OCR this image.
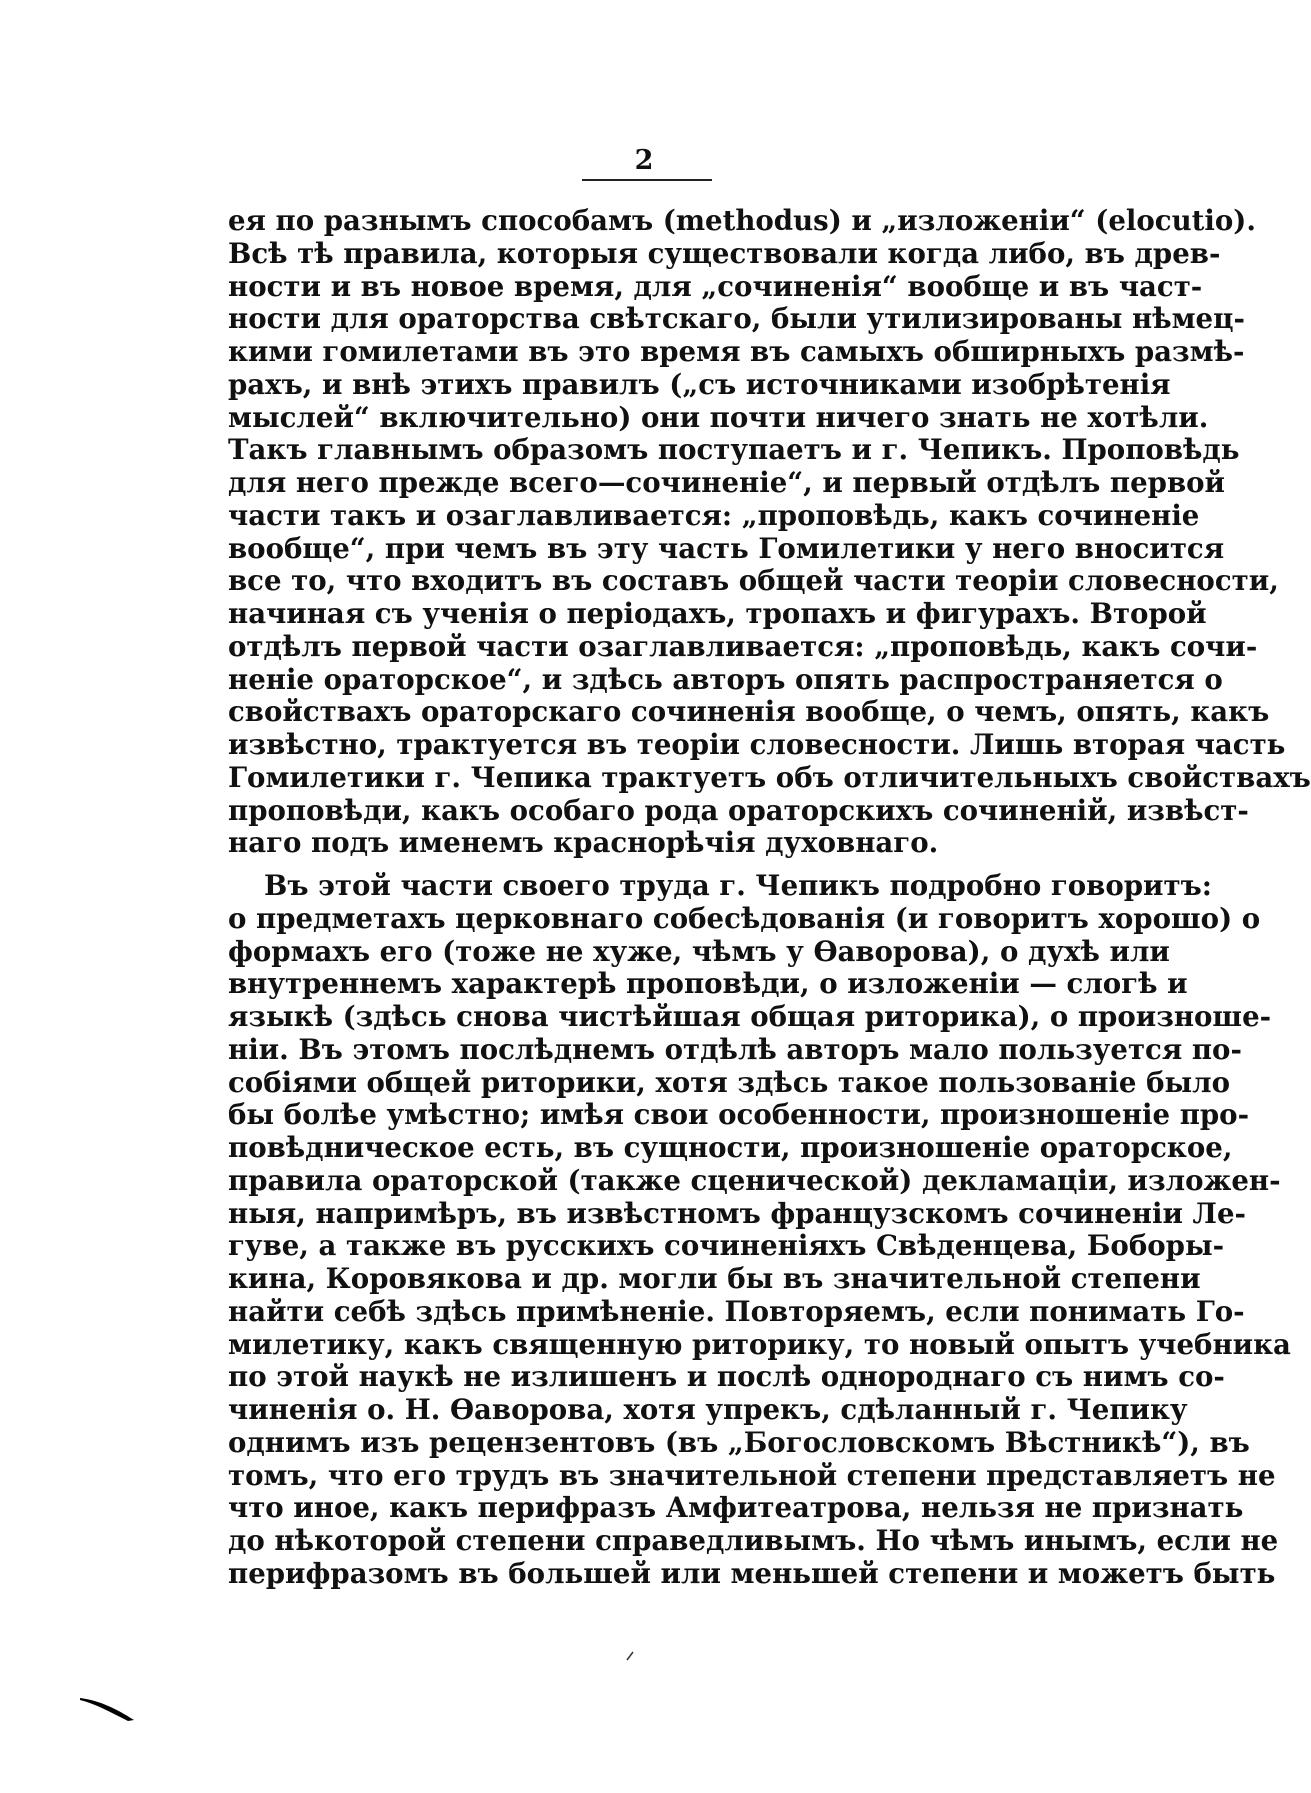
2
ея по разнымъ способамъ (methodus) и „изложеніи“ (elocutio).
Всѣ тѣ правила, которыя существовали когда либо, въ древ-
ности и въ новое время, для „сочиненія“ вообще и въ част-
ности для ораторства свѣтскаго, были утилизированы нѣмец-
кими гомилетами въ это время въ самыхъ обширныхъ размѣ-
рахъ, и внѣ этихъ правилъ („съ источниками изобрѣтенія
мыслей“ включительно) они почти ничего знать не хотѣли.
Такъ главнымъ образомъ поступаетъ и г. Чепикъ. Проповѣдь
для него прежде всего—сочиненіе“, и первый отдѣлъ первой
части такъ и озаглавливается: „проповѣдь, какъ сочиненіе
вообще“, при чемъ въ эту часть Гомилетики у него вносится
все то, что входитъ въ составъ общей части теоріи словесности,
начиная съ ученія о періодахъ, тропахъ и фигурахъ. Второй
отдѣлъ первой части озаглавливается: „проповѣдь, какъ сочи-
неніе ораторское“, и здѣсь авторъ опять распространяется о
свойствахъ ораторскаго сочиненія вообще, о чемъ, опять, какъ
извѣстно, трактуется въ теоріи словесности. Лишь вторая часть
Гомилетики г. Чепика трактуетъ объ отличительныхъ свойствахъ
проповѣди, какъ особаго рода ораторскихъ сочиненій, извѣст-
наго подъ именемъ краснорѣчія духовнаго.
Въ этой части своего труда г. Чепикъ подробно говоритъ:
о предметахъ церковнаго собесѣдованія (и говоритъ хорошо) о
формахъ его (тоже не хуже, чѣмъ у Ѳаворова), о духѣ или
внутреннемъ характерѣ проповѣди, о изложеніи — слогѣ и
языкѣ (здѣсь снова чистѣйшая общая риторика), о произноше-
ніи. Въ этомъ послѣднемъ отдѣлѣ авторъ мало пользуется по-
собіями общей риторики, хотя здѣсь такое пользованіе было
бы болѣе умѣстно; имѣя свои особенности, произношеніе про-
повѣдническое есть, въ сущности, произношеніе ораторское,
правила ораторской (также сценической) декламаціи, изложен-
ныя, напримѣръ, въ извѣстномъ французскомъ сочиненіи Ле-
гуве, а также въ русскихъ сочиненіяхъ Свѣденцева, Боборы-
кина, Коровякова и др. могли бы въ значительной степени
найти себѣ здѣсь примѣненіе. Повторяемъ, если понимать Го-
милетику, какъ священную риторику, то новый опытъ учебника
по этой наукѣ не излишенъ и послѣ однороднаго съ нимъ со-
чиненія о. Н. Ѳаворова, хотя упрекъ, сдѣланный г. Чепику
однимъ изъ рецензентовъ (въ „Богословскомъ Вѣстникѣ“), въ
томъ, что его трудъ въ значительной степени представляетъ не
что иное, какъ перифразъ Амфитеатрова, нельзя не признать
до нѣкоторой степени справедливымъ. Но чѣмъ инымъ, если не
перифразомъ въ большей или меньшей степени и можетъ быть
